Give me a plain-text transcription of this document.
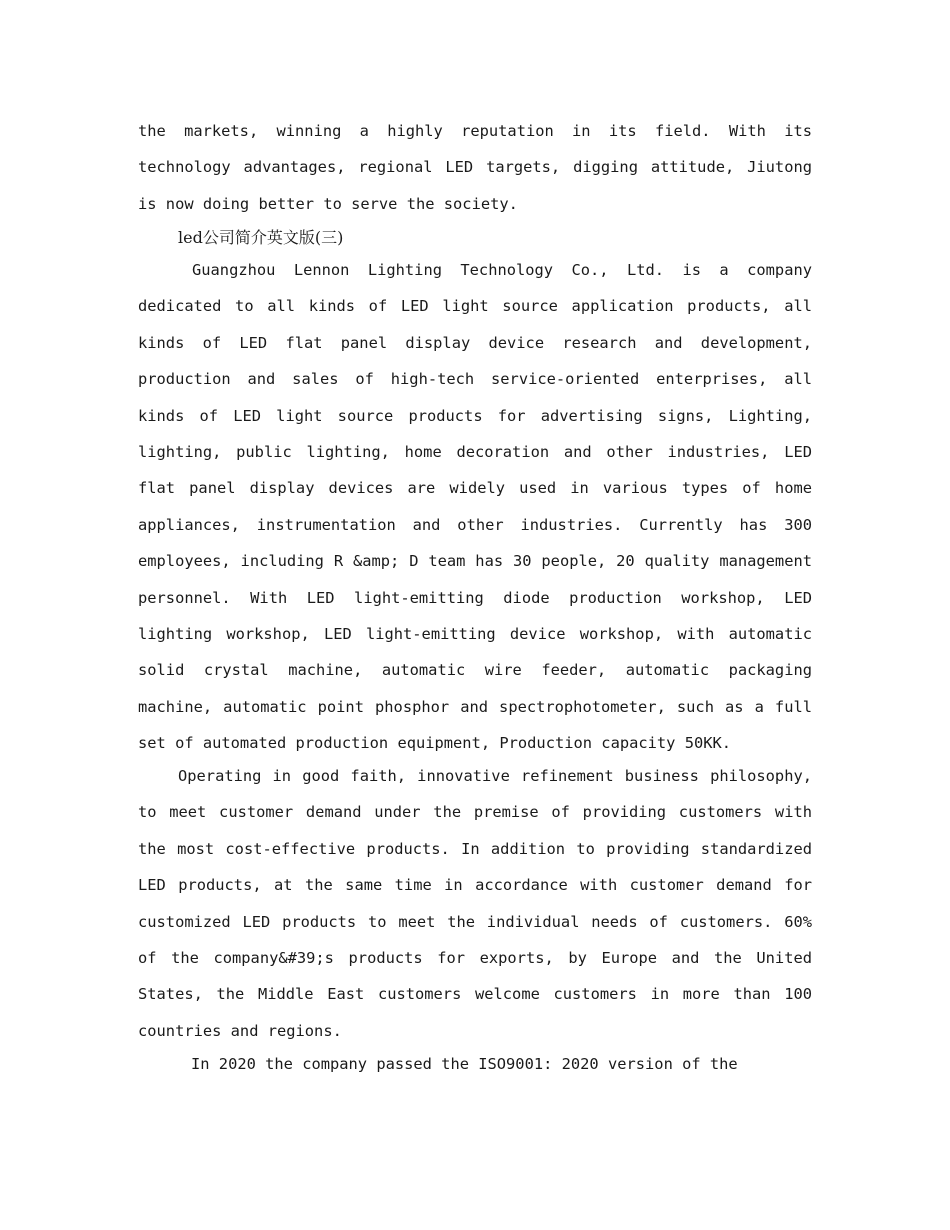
the markets, winning a highly reputation in its field. With its technology advantages, regional LED targets, digging attitude, Jiutong is now doing better to serve the society.

led公司简介英文版(三)

Guangzhou Lennon Lighting Technology Co., Ltd. is a company dedicated to all kinds of LED light source application products, all kinds of LED flat panel display device research and development, production and sales of high-tech service-oriented enterprises, all kinds of LED light source products for advertising signs, Lighting, lighting, public lighting, home decoration and other industries, LED flat panel display devices are widely used in various types of home appliances, instrumentation and other industries. Currently has 300 employees, including R &amp; D team has 30 people, 20 quality management personnel. With LED light-emitting diode production workshop, LED lighting workshop, LED light-emitting device workshop, with automatic solid crystal machine, automatic wire feeder, automatic packaging machine, automatic point phosphor and spectrophotometer, such as a full set of automated production equipment, Production capacity 50KK.

Operating in good faith, innovative refinement business philosophy, to meet customer demand under the premise of providing customers with the most cost-effective products. In addition to providing standardized LED products, at the same time in accordance with customer demand for customized LED products to meet the individual needs of customers. 60% of the company&#39;s products for exports, by Europe and the United States, the Middle East customers welcome customers in more than 100 countries and regions.

In 2020 the company passed the ISO9001: 2020 version of the
